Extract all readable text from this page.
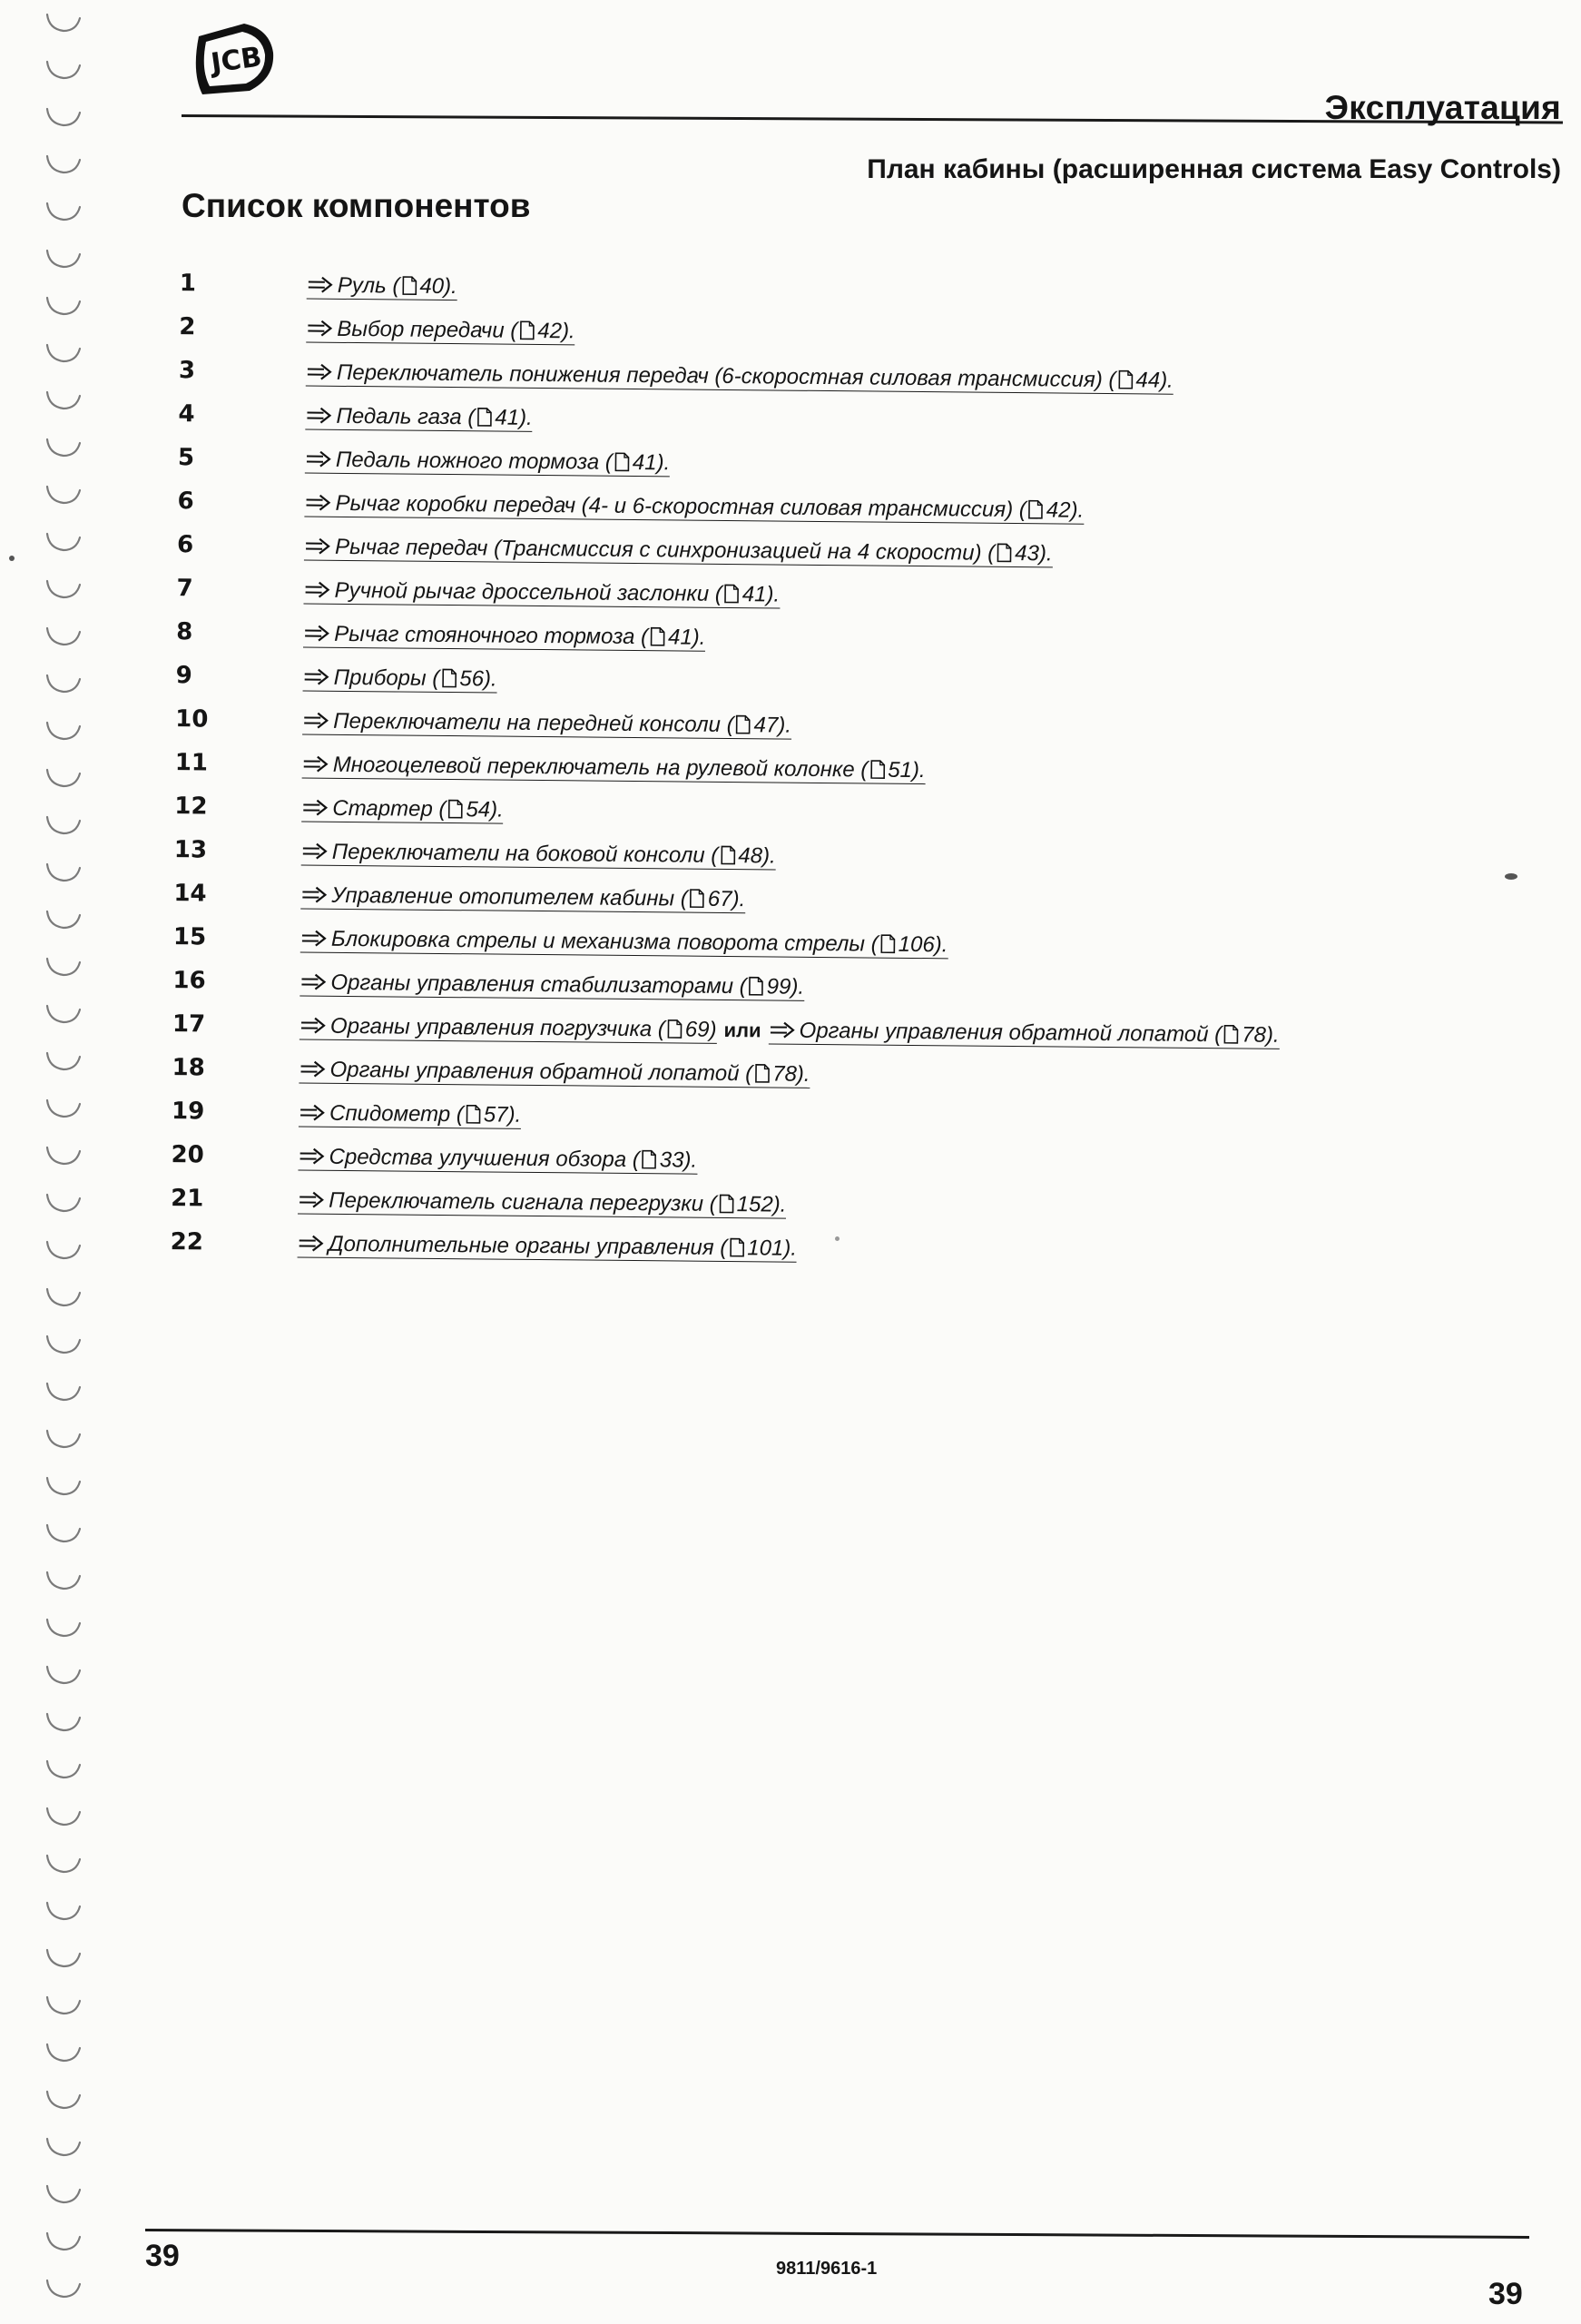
JCB
Эксплуатация
План кабины (расширенная система Easy Controls)
Список компонентов
1	Руль ( 40).
2	Выбор передачи ( 42).
3	Переключатель понижения передач (6-скоростная силовая трансмиссия) ( 44).
4	Педаль газа ( 41).
5	Педаль ножного тормоза ( 41).
6	Рычаг коробки передач (4- и 6-скоростная силовая трансмиссия) ( 42).
6	Рычаг передач (Трансмиссия с синхронизацией на 4 скорости) ( 43).
7	Ручной рычаг дроссельной заслонки ( 41).
8	Рычаг стояночного тормоза ( 41).
9	Приборы ( 56).
10	Переключатели на передней консоли ( 47).
11	Многоцелевой переключатель на рулевой колонке ( 51).
12	Стартер ( 54).
13	Переключатели на боковой консоли ( 48).
14	Управление отопителем кабины ( 67).
15	Блокировка стрелы и механизма поворота стрелы ( 106).
16	Органы управления стабилизаторами ( 99).
17	Органы управления погрузчика ( 69) или Органы управления обратной лопатой ( 78).
18	Органы управления обратной лопатой ( 78).
19	Спидометр ( 57).
20	Средства улучшения обзора ( 33).
21	Переключатель сигнала перегрузки ( 152).
22	Дополнительные органы управления ( 101).

39	9811/9616-1

39
